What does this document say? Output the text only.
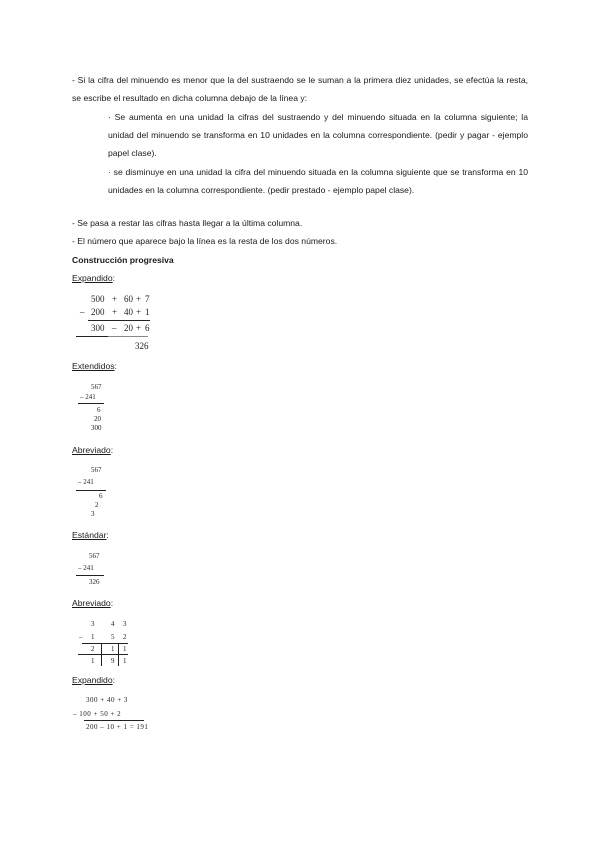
- Si la cifra del minuendo es menor que la del sustraendo se le suman a la primera diez unidades, se efectúa la resta, se escribe el resultado en dicha columna debajo de la línea y:
· Se aumenta en una unidad la cifras del sustraendo y del minuendo situada en la columna siguiente; la unidad del minuendo se transforma en 10 unidades en la columna correspondiente. (pedir y pagar - ejemplo papel clase).
· se disminuye en una unidad la cifra del minuendo situada en la columna siguiente que se transforma en 10 unidades en la columna correspondiente. (pedir prestado - ejemplo papel clase).
- Se pasa a restar las cifras hasta llegar a la última columna.
- El número que aparece bajo la línea es la resta de los dos números.
Construcción progresiva
Expandido:
500 + 60 + 7
– 200 + 40 + 1
300 – 20 + 6
326
Extendidos:
567
– 241
6
20
300
Abreviado:
567
– 241
6
2
3
Estándar:
567
– 241
326
Abreviado:
3 4 3
– 1 5 2
2 1 1
1 9 1
Expandido:
300 + 40 + 3
– 100 + 50 + 2
200 – 10 + 1 = 191
